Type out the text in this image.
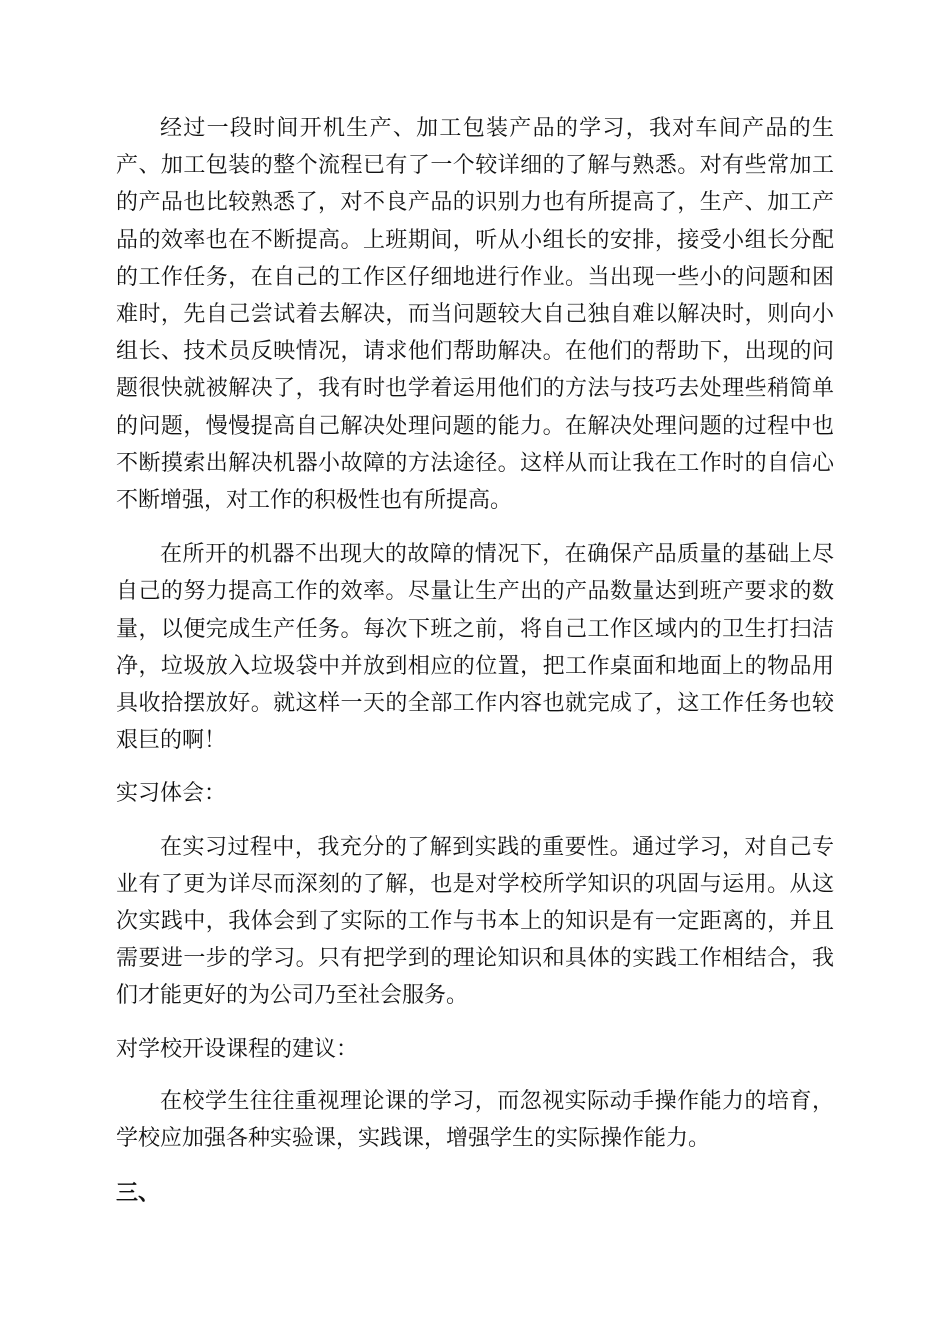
经过一段时间开机生产、加工包装产品的学习，我对车间产品的生产、加工包装的整个流程已有了一个较详细的了解与熟悉。对有些常加工的产品也比较熟悉了，对不良产品的识别力也有所提高了，生产、加工产品的效率也在不断提高。上班期间，听从小组长的安排，接受小组长分配的工作任务，在自己的工作区仔细地进行作业。当出现一些小的问题和困难时，先自己尝试着去解决，而当问题较大自己独自难以解决时，则向小组长、技术员反映情况，请求他们帮助解决。在他们的帮助下，出现的问题很快就被解决了，我有时也学着运用他们的方法与技巧去处理些稍简单的问题，慢慢提高自己解决处理问题的能力。在解决处理问题的过程中也不断摸索出解决机器小故障的方法途径。这样从而让我在工作时的自信心不断增强，对工作的积极性也有所提高。

在所开的机器不出现大的故障的情况下，在确保产品质量的基础上尽自己的努力提高工作的效率。尽量让生产出的产品数量达到班产要求的数量，以便完成生产任务。每次下班之前，将自己工作区域内的卫生打扫洁净，垃圾放入垃圾袋中并放到相应的位置，把工作桌面和地面上的物品用具收拾摆放好。就这样一天的全部工作内容也就完成了，这工作任务也较艰巨的啊！

实习体会：

在实习过程中，我充分的了解到实践的重要性。通过学习，对自己专业有了更为详尽而深刻的了解，也是对学校所学知识的巩固与运用。从这次实践中，我体会到了实际的工作与书本上的知识是有一定距离的，并且需要进一步的学习。只有把学到的理论知识和具体的实践工作相结合，我们才能更好的为公司乃至社会服务。

对学校开设课程的建议：

在校学生往往重视理论课的学习，而忽视实际动手操作能力的培育，学校应加强各种实验课，实践课，增强学生的实际操作能力。

三、
